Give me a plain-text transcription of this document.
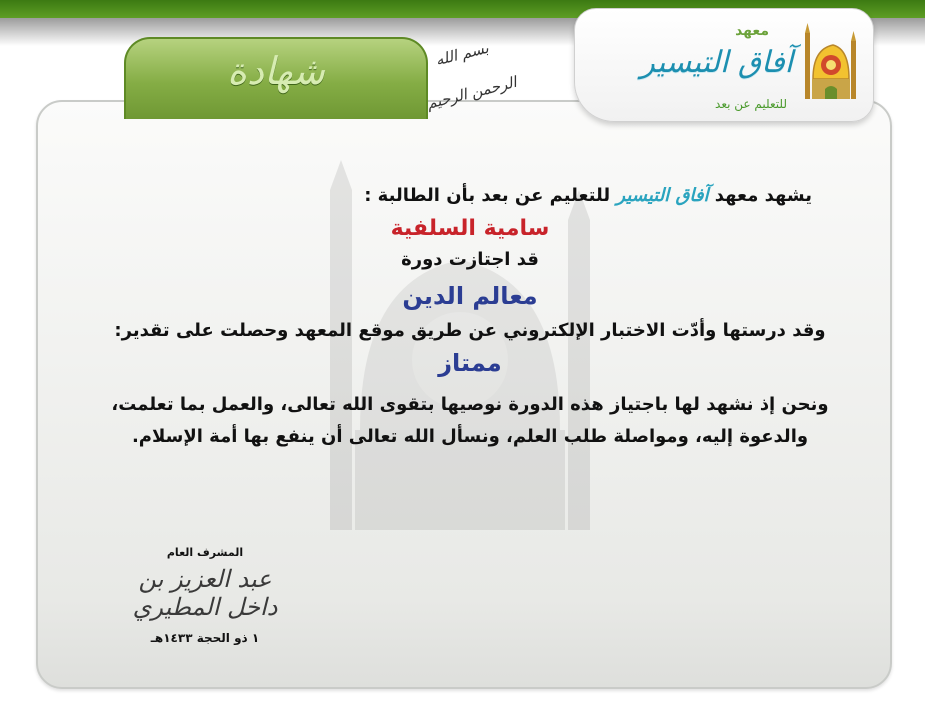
شهادة	بسم الله الرحمن الرحيم
معهد
آفاق التيسير
للتعليم عن بعد
يشهد معهد آفاق التيسير للتعليم عن بعد بأن الطالبة :
سامية السلفية
قد اجتازت دورة
معالم الدين
وقد درستها وأدّت الاختبار الإلكتروني عن طريق موقع المعهد وحصلت على تقدير:
ممتاز
ونحن إذ نشهد لها باجتياز هذه الدورة نوصيها بتقوى الله تعالى، والعمل بما تعلمت،
والدعوة إليه، ومواصلة طلب العلم، ونسأل الله تعالى أن ينفع بها أمة الإسلام.
المشرف العام
عبد العزيز بن داخل المطيري
١ ذو الحجة ١٤٣٣هـ
